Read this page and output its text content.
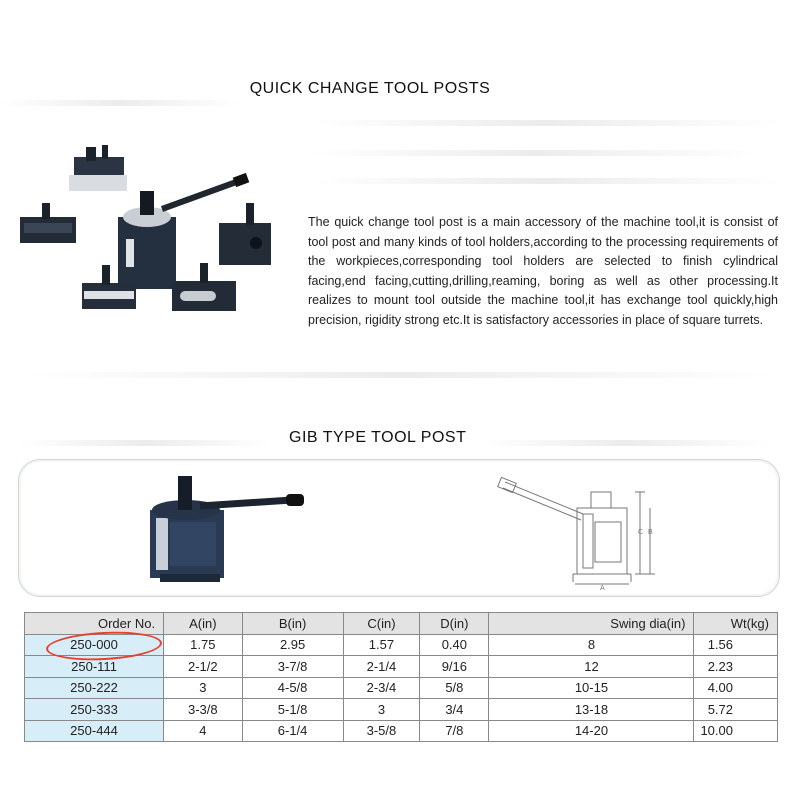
QUICK CHANGE TOOL POSTS
The quick change tool post is a main accessory of the machine tool,it is consist of tool post and many kinds of tool holders,according to the processing requirements of the workpieces,corresponding tool holders are selected to finish cylindrical facing,end facing,cutting,drilling,reaming, boring as well as other processing.It realizes to mount tool outside the machine tool,it has exchange tool quickly,high precision, rigidity strong etc.It is satisfactory accessories in place of square turrets.
GIB TYPE TOOL POST
C B
A
Order No.	A(in)	B(in)	C(in)	D(in)	Swing dia(in)	Wt(kg)
250-000	1.75	2.95	1.57	0.40	8	1.56
250-111	2-1/2	3-7/8	2-1/4	9/16	12	2.23
250-222	3	4-5/8	2-3/4	5/8	10-15	4.00
250-333	3-3/8	5-1/8	3	3/4	13-18	5.72
250-444	4	6-1/4	3-5/8	7/8	14-20	10.00
